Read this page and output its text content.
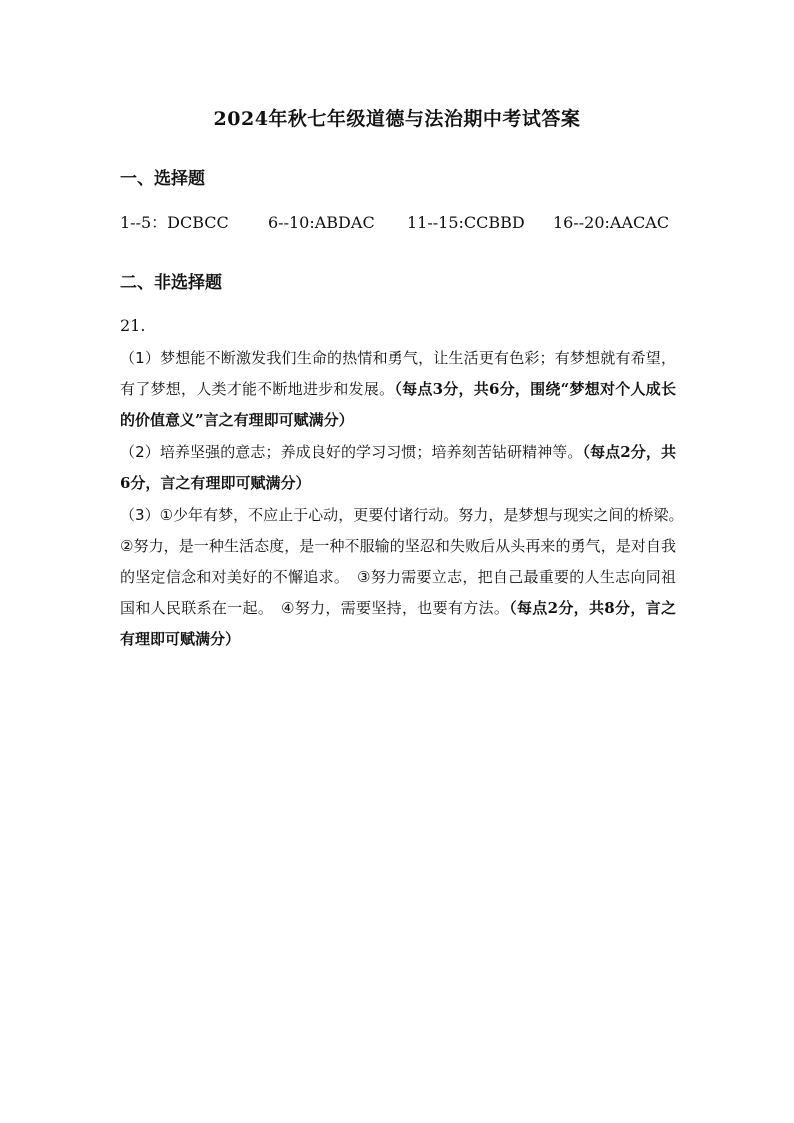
2024年秋七年级道德与法治期中考试答案
一、选择题
1--5：DCBCC 6--10:ABDAC 11--15:CCBBD 16--20:AACAC
二、非选择题
21.
（1）梦想能不断激发我们生命的热情和勇气，让生活更有色彩；有梦想就有希望，有了梦想，人类才能不断地进步和发展。（每点3分，共6分，围绕“梦想对个人成长的价值意义”言之有理即可赋满分）
（2）培养坚强的意志；养成良好的学习习惯；培养刻苦钻研精神等。（每点2分，共6分，言之有理即可赋满分）
（3）①少年有梦，不应止于心动，更要付诸行动。努力，是梦想与现实之间的桥梁。　②努力，是一种生活态度，是一种不服输的坚忍和失败后从头再来的勇气，是对自我的坚定信念和对美好的不懈追求。　 ③努力需要立志，把自己最重要的人生志向同祖国和人民联系在一起。　 ④努力，需要坚持，也要有方法。（每点2分，共8分，言之有理即可赋满分）
